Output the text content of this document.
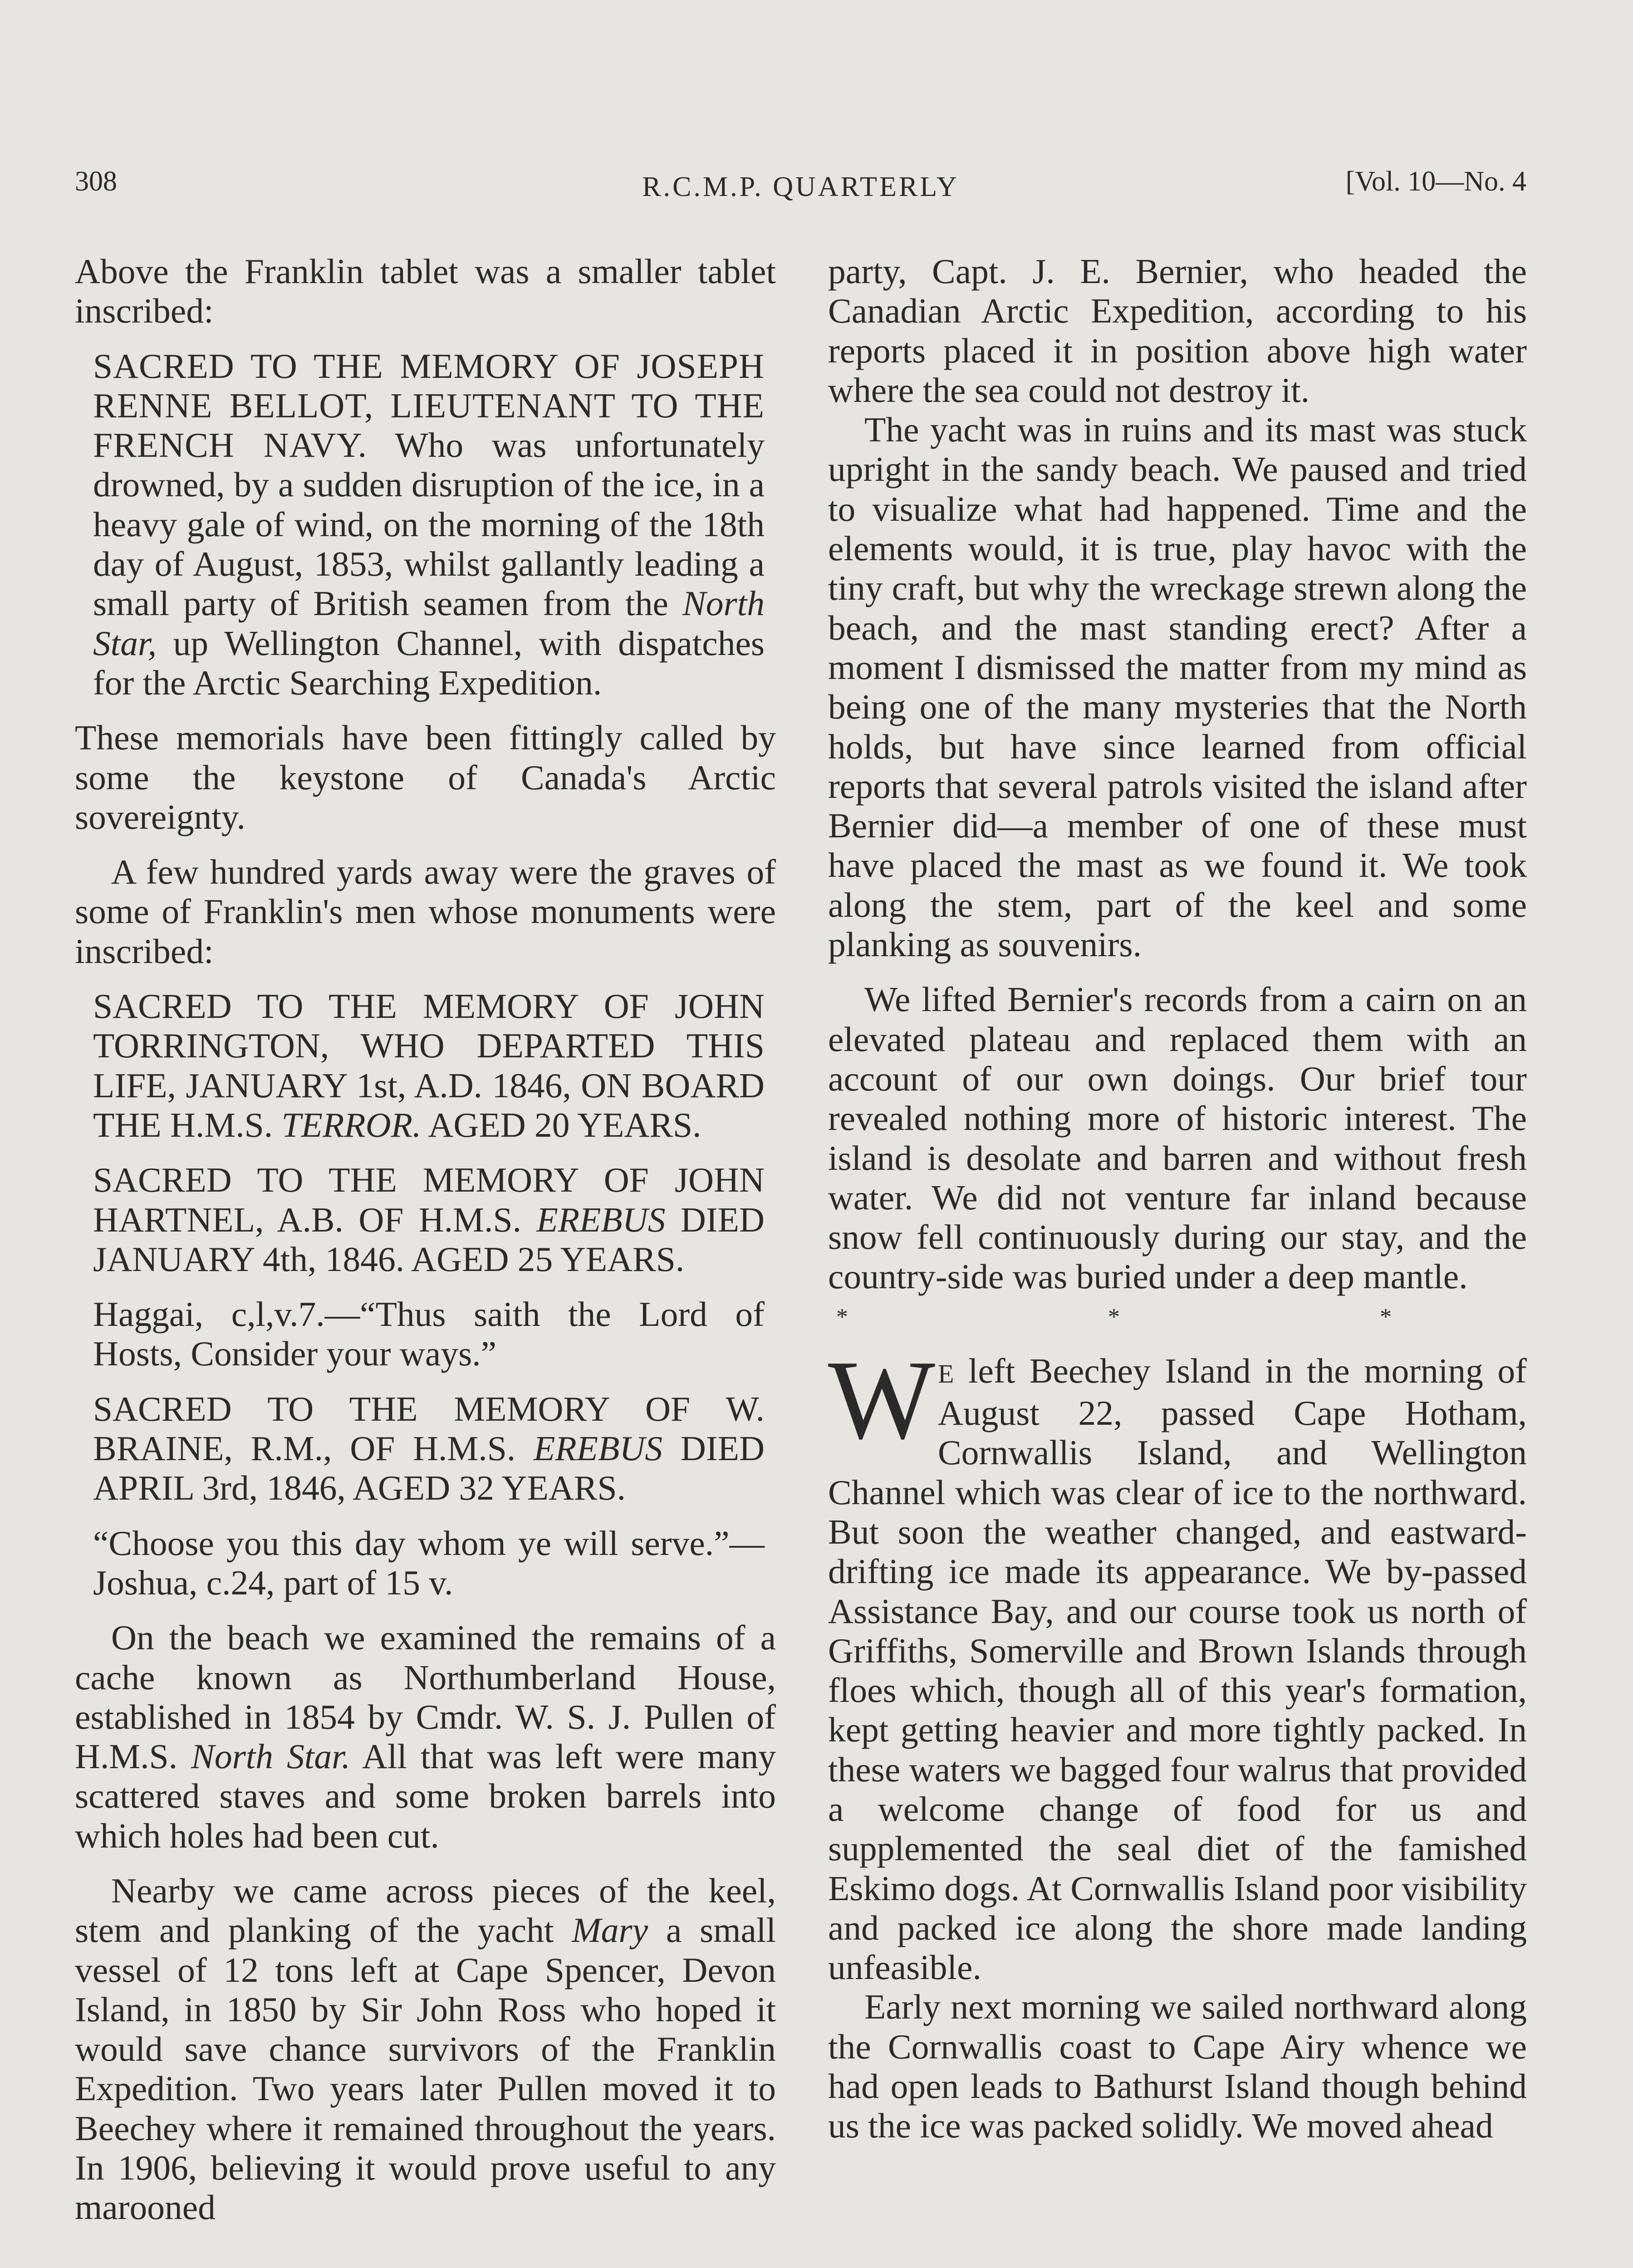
308	R.C.M.P. QUARTERLY	[Vol. 10—No. 4

Above the Franklin tablet was a smaller tablet inscribed:

SACRED TO THE MEMORY OF JOSEPH RENNE BELLOT, LIEUTENANT TO THE FRENCH NAVY. Who was unfortunately drowned, by a sudden disruption of the ice, in a heavy gale of wind, on the morning of the 18th day of August, 1853, whilst gallantly leading a small party of British seamen from the North Star, up Wellington Channel, with dispatches for the Arctic Searching Expedition.

These memorials have been fittingly called by some the keystone of Canada's Arctic sovereignty.

A few hundred yards away were the graves of some of Franklin's men whose monuments were inscribed:

SACRED TO THE MEMORY OF JOHN TORRINGTON, WHO DEPARTED THIS LIFE, JANUARY 1st, A.D. 1846, ON BOARD THE H.M.S. TERROR. AGED 20 YEARS.

SACRED TO THE MEMORY OF JOHN HARTNEL, A.B. OF H.M.S. EREBUS DIED JANUARY 4th, 1846. AGED 25 YEARS.

Haggai, c,l,v.7.—“Thus saith the Lord of Hosts, Consider your ways.”

SACRED TO THE MEMORY OF W. BRAINE, R.M., OF H.M.S. EREBUS DIED APRIL 3rd, 1846, AGED 32 YEARS.

“Choose you this day whom ye will serve.”—Joshua, c.24, part of 15 v.

On the beach we examined the remains of a cache known as Northumberland House, established in 1854 by Cmdr. W. S. J. Pullen of H.M.S. North Star. All that was left were many scattered staves and some broken barrels into which holes had been cut.

Nearby we came across pieces of the keel, stem and planking of the yacht Mary a small vessel of 12 tons left at Cape Spencer, Devon Island, in 1850 by Sir John Ross who hoped it would save chance survivors of the Franklin Expedition. Two years later Pullen moved it to Beechey where it remained throughout the years. In 1906, believing it would prove useful to any marooned

party, Capt. J. E. Bernier, who headed the Canadian Arctic Expedition, according to his reports placed it in position above high water where the sea could not destroy it.

The yacht was in ruins and its mast was stuck upright in the sandy beach. We paused and tried to visualize what had happened. Time and the elements would, it is true, play havoc with the tiny craft, but why the wreckage strewn along the beach, and the mast standing erect? After a moment I dismissed the matter from my mind as being one of the many mysteries that the North holds, but have since learned from official reports that several patrols visited the island after Bernier did—a member of one of these must have placed the mast as we found it. We took along the stem, part of the keel and some planking as souvenirs.

We lifted Bernier's records from a cairn on an elevated plateau and replaced them with an account of our own doings. Our brief tour revealed nothing more of historic interest. The island is desolate and barren and without fresh water. We did not venture far inland because snow fell continuously during our stay, and the country-side was buried under a deep mantle.

* * *

W E left Beechey Island in the morning of August 22, passed Cape Hotham, Cornwallis Island, and Wellington Channel which was clear of ice to the northward. But soon the weather changed, and eastward-drifting ice made its appearance. We by-passed Assistance Bay, and our course took us north of Griffiths, Somerville and Brown Islands through floes which, though all of this year's formation, kept getting heavier and more tightly packed. In these waters we bagged four walrus that provided a welcome change of food for us and supplemented the seal diet of the famished Eskimo dogs. At Cornwallis Island poor visibility and packed ice along the shore made landing unfeasible.

Early next morning we sailed northward along the Cornwallis coast to Cape Airy whence we had open leads to Bathurst Island though behind us the ice was packed solidly. We moved ahead
